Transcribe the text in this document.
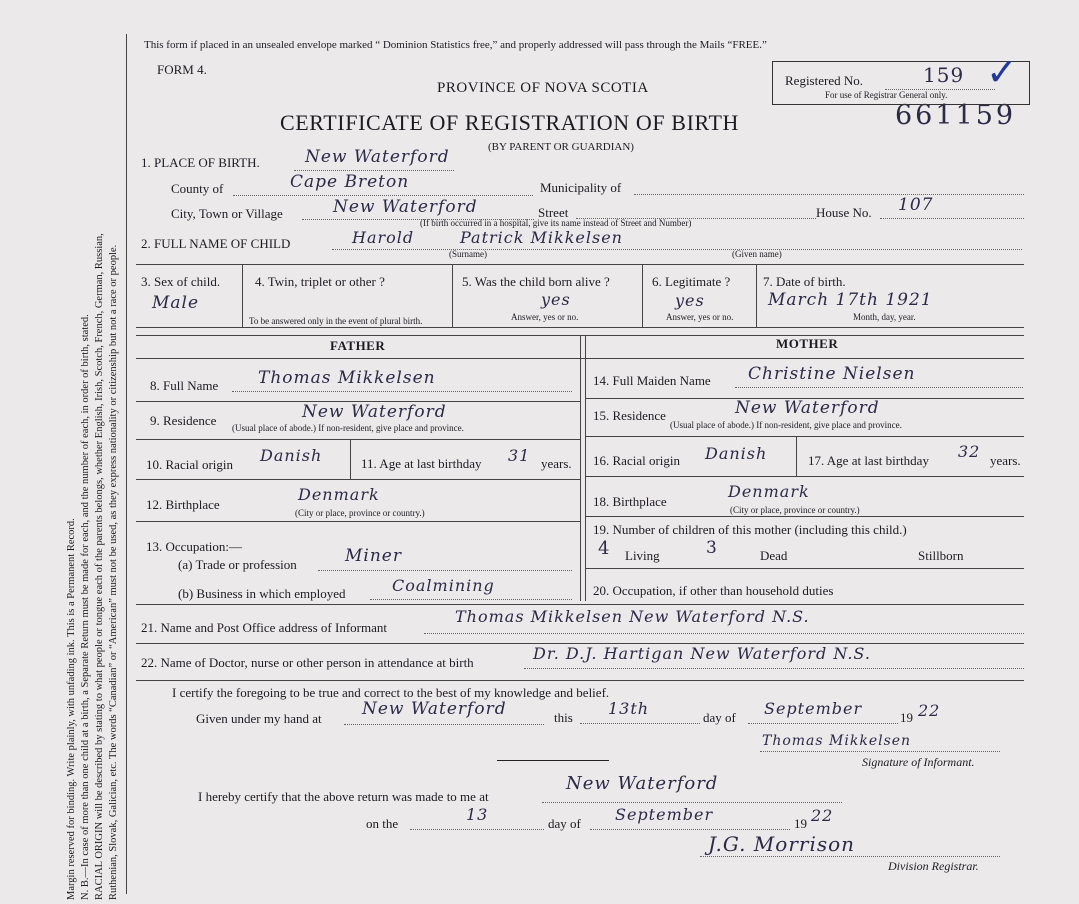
Margin reserved for binding. Write plainly, with unfading ink. This is a Permanent Record. N. B.—In case of more than one child at a birth, a Separate Return must be made for each, and the number of each, in order of birth, stated. RACIAL ORIGIN will be described by stating to what people or tongue each of the parents belongs, whether English, Irish, Scotch, French, German, Russian, Ruthenian, Slovak, Galician, etc. The words “Canadian” or “American” must not be used, as they express nationality or citizenship but not a race or people.
This form if placed in an unsealed envelope marked “ Dominion Statistics free,” and properly addressed will pass through the Mails “FREE.”
FORM 4.
PROVINCE OF NOVA SCOTIA
CERTIFICATE OF REGISTRATION OF BIRTH
(BY PARENT OR GUARDIAN)
661159
Registered No.	159
For use of Registrar General only.
✓
1. PLACE OF BIRTH.	New Waterford
County of	Cape Breton	Municipality of
City, Town or Village	New Waterford	Street
(If birth occurred in a hospital, give its name instead of Street and Number)
House No. 107
2. FULL NAME OF CHILD	Harold	Patrick Mikkelsen
(Surname)	(Given name)
3. Sex of child.
Male
4. Twin, triplet or other ?
To be answered only in the event of plural birth.
5. Was the child born alive ?
yes
Answer, yes or no.
6. Legitimate ?
yes
Answer, yes or no.
7. Date of birth.
March 17th 1921
Month, day, year.
FATHER	MOTHER
8. Full Name Thomas Mikkelsen
9. Residence	New Waterford
(Usual place of abode.) If non-resident, give place and province.
10. Racial origin Danish	11. Age at last birthday 31 years.
12. Birthplace
Denmark
(City or place, province or country.)
13. Occupation:—
(a) Trade or profession	Miner
(b) Business in which employed	Coalmining
14. Full Maiden Name Christine Nielsen
15. Residence	New Waterford
(Usual place of abode.) If non-resident, give place and province.
16. Racial origin Danish	17. Age at last birthday 32 years.
18. Birthplace
Denmark
(City or place, province or country.)
19. Number of children of this mother (including this child.)
4 Living	3	Dead	Stillborn
20. Occupation, if other than household duties
21. Name and Post Office address of Informant
Thomas Mikkelsen New Waterford N.S.
22. Name of Doctor, nurse or other person in attendance at birth	Dr. D.J. Hartigan New Waterford N.S.
I certify the foregoing to be true and correct to the best of my knowledge and belief.
Given under my hand at New Waterford	this 13th	day of September	19 22
Thomas Mikkelsen
Signature of Informant.
I hereby certify that the above return was made to me at
New Waterford
on the	13	day of September	19 22
J.G. Morrison
Division Registrar.
